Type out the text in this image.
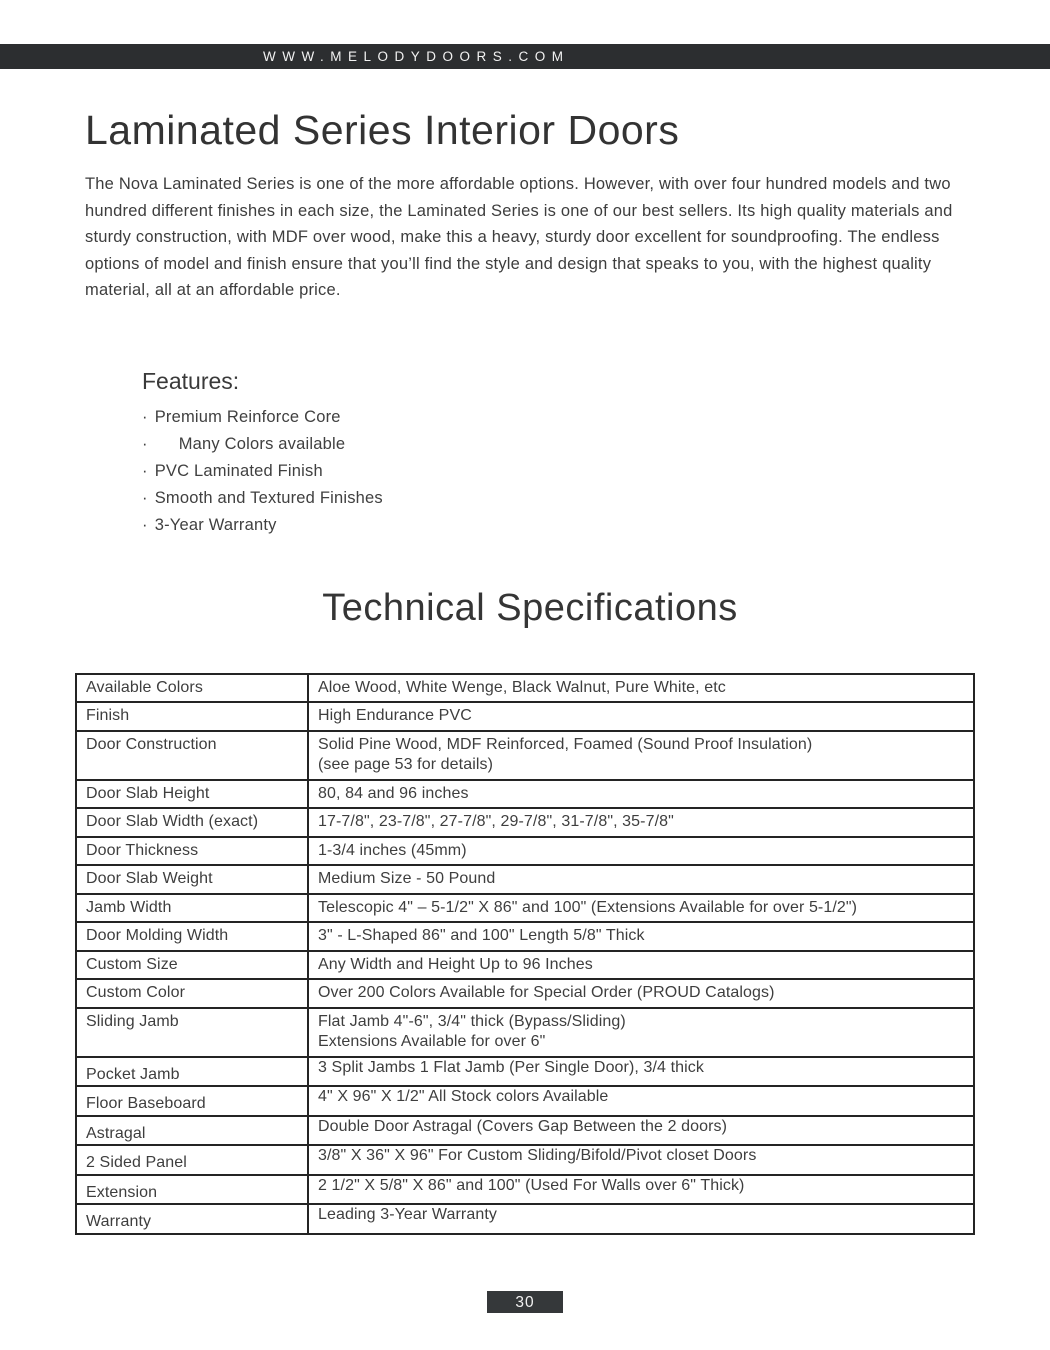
WWW.MELODYDOORS.COM
Laminated Series Interior Doors

The Nova Laminated Series is one of the more affordable options. However, with over four hundred models and two hundred different finishes in each size, the Laminated Series is one of our best sellers. Its high quality materials and sturdy construction, with MDF over wood, make this a heavy, sturdy door excellent for soundproofing. The endless options of model and finish ensure that you’ll find the style and design that speaks to you, with the highest quality material, all at an affordable price.

Features:
· Premium Reinforce Core
· Many Colors available
· PVC Laminated Finish
· Smooth and Textured Finishes
· 3-Year Warranty
Technical Specifications
Available Colors	Aloe Wood, White Wenge, Black Walnut, Pure White, etc

Finish	High Endurance PVC

Door Construction	Solid Pine Wood, MDF Reinforced, Foamed (Sound Proof Insulation)
(see page 53 for details)

Door Slab Height	80, 84 and 96 inches

Door Slab Width (exact)	17-7/8", 23-7/8", 27-7/8", 29-7/8", 31-7/8", 35-7/8"

Door Thickness	1-3/4 inches (45mm)

Door Slab Weight	Medium Size - 50 Pound

Jamb Width	Telescopic 4" – 5-1/2" X 86" and 100" (Extensions Available for over 5-1/2")

Door Molding Width	3" - L-Shaped 86" and 100" Length 5/8" Thick

Custom Size	Any Width and Height Up to 96 Inches

Custom Color	Over 200 Colors Available for Special Order (PROUD Catalogs)

Sliding Jamb	Flat Jamb 4"-6", 3/4" thick (Bypass/Sliding)
Extensions Available for over 6"

Pocket Jamb	3 Split Jambs 1 Flat Jamb (Per Single Door), 3/4 thick

Floor Baseboard	4" X 96" X 1/2" All Stock colors Available

Astragal	Double Door Astragal (Covers Gap Between the 2 doors)

2 Sided Panel	3/8" X 36" X 96" For Custom Sliding/Bifold/Pivot closet Doors

Extension	2 1/2" X 5/8" X 86" and 100" (Used For Walls over 6" Thick)

Warranty	Leading 3-Year Warranty
30
